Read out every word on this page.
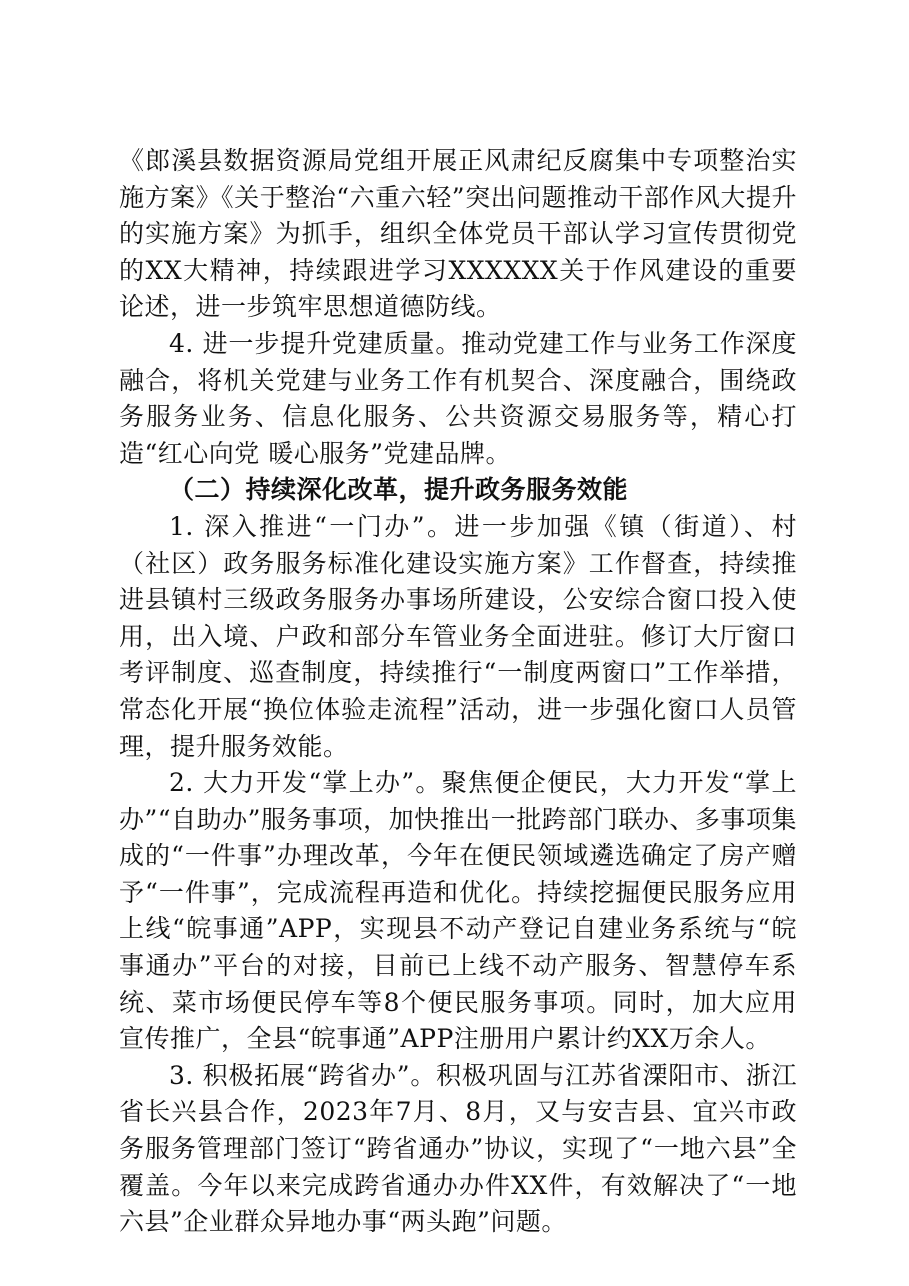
《郎溪县数据资源局党组开展正风肃纪反腐集中专项整治实施方案》《关于整治“六重六轻”突出问题推动干部作风大提升的实施方案》为抓手，组织全体党员干部认学习宣传贯彻党的XX大精神，持续跟进学习XXXXXX关于作风建设的重要论述，进一步筑牢思想道德防线。

4. 进一步提升党建质量。推动党建工作与业务工作深度融合，将机关党建与业务工作有机契合、深度融合，围绕政务服务业务、信息化服务、公共资源交易服务等，精心打造“红心向党 暖心服务”党建品牌。

（二）持续深化改革，提升政务服务效能

1. 深入推进“一门办”。进一步加强《镇（街道）、村（社区）政务服务标准化建设实施方案》工作督查，持续推进县镇村三级政务服务办事场所建设，公安综合窗口投入使用，出入境、户政和部分车管业务全面进驻。修订大厅窗口考评制度、巡查制度，持续推行“一制度两窗口”工作举措，常态化开展“换位体验走流程”活动，进一步强化窗口人员管理，提升服务效能。

2. 大力开发“掌上办”。聚焦便企便民，大力开发“掌上办”“自助办”服务事项，加快推出一批跨部门联办、多事项集成的“一件事”办理改革，今年在便民领域遴选确定了房产赠予“一件事”，完成流程再造和优化。持续挖掘便民服务应用上线“皖事通”APP，实现县不动产登记自建业务系统与“皖事通办”平台的对接，目前已上线不动产服务、智慧停车系统、菜市场便民停车等8个便民服务事项。同时，加大应用宣传推广，全县“皖事通”APP注册用户累计约XX万余人。

3. 积极拓展“跨省办”。积极巩固与江苏省溧阳市、浙江省长兴县合作，2023年7月、8月，又与安吉县、宜兴市政务服务管理部门签订“跨省通办”协议，实现了“一地六县”全覆盖。今年以来完成跨省通办办件XX件，有效解决了“一地六县”企业群众异地办事“两头跑”问题。
